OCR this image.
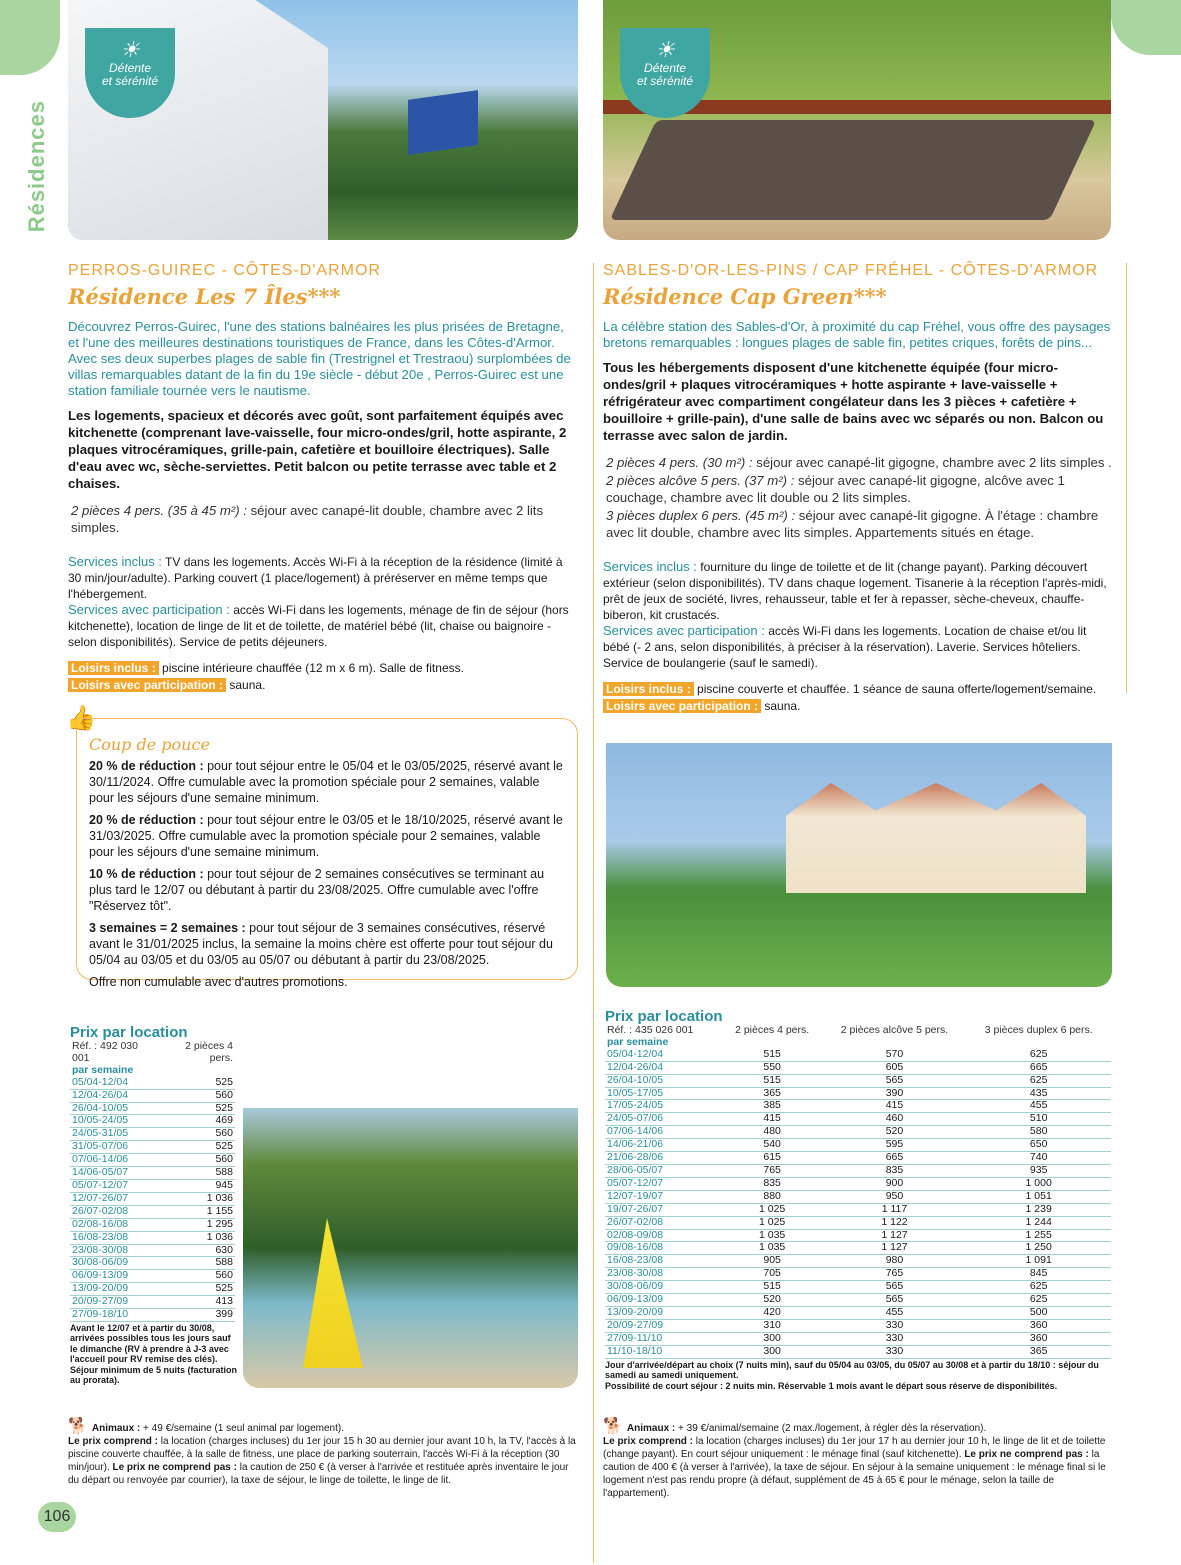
Résidences
☀
Détente
et sérénité
☀
Détente
et sérénité
PERROS-GUIREC - CÔTES-D'ARMOR
Résidence Les 7 Îles***

Découvrez Perros-Guirec, l'une des stations balnéaires les plus prisées de Bretagne, et l'une des meilleures destinations touristiques de France, dans les Côtes-d'Armor. Avec ses deux superbes plages de sable fin (Trestrignel et Trestraou) surplombées de villas remarquables datant de la fin du 19e siècle - début 20e , Perros-Guirec est une station familiale tournée vers le nautisme.

Les logements, spacieux et décorés avec goût, sont parfaitement équipés avec kitchenette (comprenant lave-vaisselle, four micro-ondes/gril, hotte aspirante, 2 plaques vitrocéramiques, grille-pain, cafetière et bouilloire électriques). Salle d'eau avec wc, sèche-serviettes. Petit balcon ou petite terrasse avec table et 2 chaises.

2 pièces 4 pers. (35 à 45 m²) : séjour avec canapé-lit double, chambre avec 2 lits simples.

Services inclus : TV dans les logements. Accès Wi-Fi à la réception de la résidence (limité à 30 min/jour/adulte). Parking couvert (1 place/logement) à préréserver en même temps que l'hébergement.
Services avec participation : accès Wi-Fi dans les logements, ménage de fin de séjour (hors kitchenette), location de linge de lit et de toilette, de matériel bébé (lit, chaise ou baignoire - selon disponibilités). Service de petits déjeuners.

Loisirs inclus : piscine intérieure chauffée (12 m x 6 m). Salle de fitness.
Loisirs avec participation : sauna.

👍
Coup de pouce

20 % de réduction : pour tout séjour entre le 05/04 et le 03/05/2025, réservé avant le 30/11/2024. Offre cumulable avec la promotion spéciale pour 2 semaines, valable pour les séjours d'une semaine minimum.

20 % de réduction : pour tout séjour entre le 03/05 et le 18/10/2025, réservé avant le 31/03/2025. Offre cumulable avec la promotion spéciale pour 2 semaines, valable pour les séjours d'une semaine minimum.

10 % de réduction : pour tout séjour de 2 semaines consécutives se terminant au plus tard le 12/07 ou débutant à partir du 23/08/2025. Offre cumulable avec l'offre "Réservez tôt".

3 semaines = 2 semaines : pour tout séjour de 3 semaines consécutives, réservé avant le 31/01/2025 inclus, la semaine la moins chère est offerte pour tout séjour du 05/04 au 03/05 et du 03/05 au 05/07 ou débutant à partir du 23/08/2025.

Offre non cumulable avec d'autres promotions.

Prix par location
Réf. : 492 030 001	2 pièces 4 pers.
par semaine	
05/04-12/04	525
12/04-26/04	560
26/04-10/05	525
10/05-24/05	469
24/05-31/05	560
31/05-07/06	525
07/06-14/06	560
14/06-05/07	588
05/07-12/07	945
12/07-26/07	1 036
26/07-02/08	1 155
02/08-16/08	1 295
16/08-23/08	1 036
23/08-30/08	630
30/08-06/09	588
06/09-13/09	560
13/09-20/09	525
20/09-27/09	413
27/09-18/10	399
Avant le 12/07 et à partir du 30/08, arrivées possibles tous les jours sauf le dimanche (RV à prendre à J-3 avec l'accueil pour RV remise des clés). Séjour minimum de 5 nuits (facturation au prorata).
SABLES-D'OR-LES-PINS / CAP FRÉHEL - CÔTES-D'ARMOR
Résidence Cap Green***

La célèbre station des Sables-d'Or, à proximité du cap Fréhel, vous offre des paysages bretons remarquables : longues plages de sable fin, petites criques, forêts de pins...

Tous les hébergements disposent d'une kitchenette équipée (four micro-ondes/gril + plaques vitrocéramiques + hotte aspirante + lave-vaisselle + réfrigérateur avec compartiment congélateur dans les 3 pièces + cafetière + bouilloire + grille-pain), d'une salle de bains avec wc séparés ou non. Balcon ou terrasse avec salon de jardin.

2 pièces 4 pers. (30 m²) : séjour avec canapé-lit gigogne, chambre avec 2 lits simples .

2 pièces alcôve 5 pers. (37 m²) : séjour avec canapé-lit gigogne, alcôve avec 1 couchage, chambre avec lit double ou 2 lits simples.

3 pièces duplex 6 pers. (45 m²) : séjour avec canapé-lit gigogne. À l'étage : chambre avec lit double, chambre avec lits simples. Appartements situés en étage.

Services inclus : fourniture du linge de toilette et de lit (change payant). Parking découvert extérieur (selon disponibilités). TV dans chaque logement. Tisanerie à la réception l'après-midi, prêt de jeux de société, livres, rehausseur, table et fer à repasser, sèche-cheveux, chauffe-biberon, kit crustacés.
Services avec participation : accès Wi-Fi dans les logements. Location de chaise et/ou lit bébé (- 2 ans, selon disponibilités, à préciser à la réservation). Laverie. Services hôteliers. Service de boulangerie (sauf le samedi).

Loisirs inclus : piscine couverte et chauffée. 1 séance de sauna offerte/logement/semaine.
Loisirs avec participation : sauna.

Prix par location
Réf. : 435 026 001	2 pièces 4 pers.	2 pièces alcôve 5 pers.	3 pièces duplex 6 pers.
par semaine			
05/04-12/04	515	570	625
12/04-26/04	550	605	665
26/04-10/05	515	565	625
10/05-17/05	365	390	435
17/05-24/05	385	415	455
24/05-07/06	415	460	510
07/06-14/06	480	520	580
14/06-21/06	540	595	650
21/06-28/06	615	665	740
28/06-05/07	765	835	935
05/07-12/07	835	900	1 000
12/07-19/07	880	950	1 051
19/07-26/07	1 025	1 117	1 239
26/07-02/08	1 025	1 122	1 244
02/08-09/08	1 035	1 127	1 255
09/08-16/08	1 035	1 127	1 250
16/08-23/08	905	980	1 091
23/08-30/08	705	765	845
30/08-06/09	515	565	625
06/09-13/09	520	565	625
13/09-20/09	420	455	500
20/09-27/09	310	330	360
27/09-11/10	300	330	360
11/10-18/10	300	330	365
Jour d'arrivée/départ au choix (7 nuits min), sauf du 05/04 au 03/05, du 05/07 au 30/08 et à partir du 18/10 : séjour du samedi au samedi uniquement.
Possibilité de court séjour : 2 nuits min. Réservable 1 mois avant le départ sous réserve de disponibilités.

🐕 Animaux : + 49 €/semaine (1 seul animal par logement).

Le prix comprend : la location (charges incluses) du 1er jour 15 h 30 au dernier jour avant 10 h, la TV, l'accès à la piscine couverte chauffée, à la salle de fitness, une place de parking souterrain, l'accès Wi-Fi à la réception (30 min/jour). Le prix ne comprend pas : la caution de 250 € (à verser à l'arrivée et restituée après inventaire le jour du départ ou renvoyée par courrier), la taxe de séjour, le linge de toilette, le linge de lit.

🐕 Animaux : + 39 €/animal/semaine (2 max./logement, à régler dès la réservation).

Le prix comprend : la location (charges incluses) du 1er jour 17 h au dernier jour 10 h, le linge de lit et de toilette (change payant). En court séjour uniquement : le ménage final (sauf kitchenette). Le prix ne comprend pas : la caution de 400 € (à verser à l'arrivée), la taxe de séjour. En séjour à la semaine uniquement : le ménage final si le logement n'est pas rendu propre (à défaut, supplément de 45 à 65 € pour le ménage, selon la taille de l'appartement).

106
